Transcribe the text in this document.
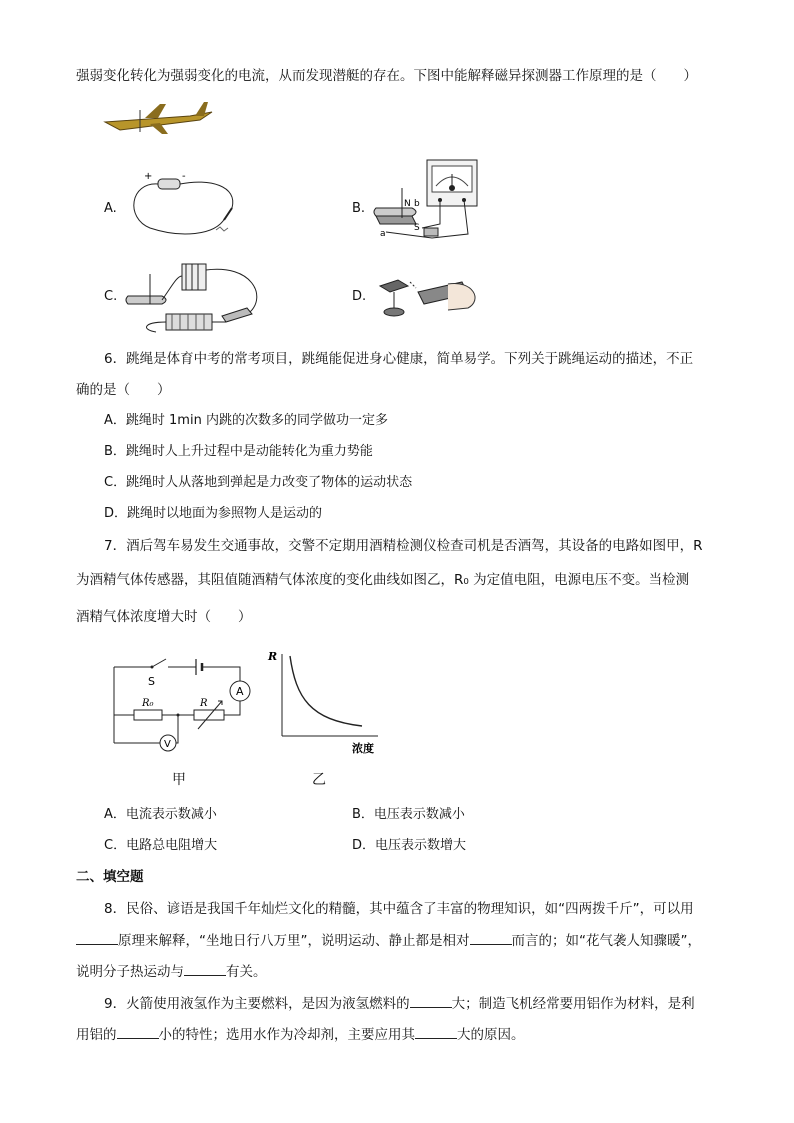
强弱变化转化为强弱变化的电流，从而发现潜艇的存在。下图中能解释磁异探测器工作原理的是（　　）
A.
+	-
B.	N b
a
S
C.	D.
6．跳绳是体育中考的常考项目，跳绳能促进身心健康，简单易学。下列关于跳绳运动的描述，不正
确的是（　　）
A．跳绳时 1min 内跳的次数多的同学做功一定多
B．跳绳时人上升过程中是动能转化为重力势能
C．跳绳时人从落地到弹起是力改变了物体的运动状态
D．跳绳时以地面为参照物人是运动的
7．酒后驾车易发生交通事故，交警不定期用酒精检测仪检查司机是否酒驾，其设备的电路如图甲，R
为酒精气体传感器，其阻值随酒精气体浓度的变化曲线如图乙，R₀ 为定值电阻，电源电压不变。当检测
酒精气体浓度增大时（　　）
A
V
S
R₀	R
甲
R
浓度
乙
A．电流表示数减小	B．电压表示数减小
C．电路总电阻增大	D．电压表示数增大
二、填空题
8．民俗、谚语是我国千年灿烂文化的精髓，其中蕴含了丰富的物理知识，如“四两拨千斤”，可以用
原理来解释，“坐地日行八万里”，说明运动、静止都是相对	而言的；如“花气袭人知骤暖”，
说明分子热运动与	有关。
9．火箭使用液氢作为主要燃料，是因为液氢燃料的	大；制造飞机经常要用铝作为材料，是利
用铝的	小的特性；选用水作为冷却剂，主要应用其	大的原因。
